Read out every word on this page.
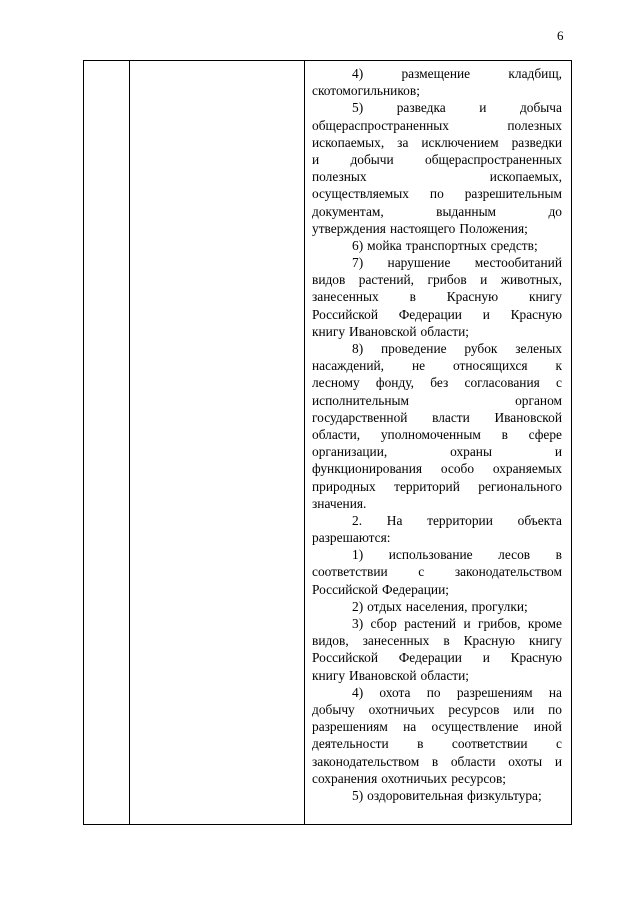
6
4)	размещение	кладбищ,
скотомогильников;
5)	разведка	и	добыча
общераспространенных	полезных
ископаемых, за исключением разведки
и добычи общераспространенных
полезных	ископаемых,
осуществляемых по разрешительным
документам,	выданным	до
утверждения настоящего Положения;
6) мойка транспортных средств;
7) нарушение местообитаний
видов растений, грибов и животных,
занесенных в Красную книгу
Российской Федерации и Красную
книгу Ивановской области;
8) проведение рубок зеленых
насаждений, не относящихся к
лесному фонду, без согласования с
исполнительным	органом
государственной власти Ивановской
области, уполномоченным в сфере
организации,	охраны	и
функционирования особо охраняемых
природных территорий регионального
значения.
2. На территории объекта
разрешаются:
1) использование лесов в
соответствии с законодательством
Российской Федерации;
2) отдых населения, прогулки;
3) сбор растений и грибов, кроме
видов, занесенных в Красную книгу
Российской Федерации и Красную
книгу Ивановской области;
4) охота по разрешениям на
добычу охотничьих ресурсов или по
разрешениям на осуществление иной
деятельности в соответствии с
законодательством в области охоты и
сохранения охотничьих ресурсов;
5) оздоровительная физкультура;
